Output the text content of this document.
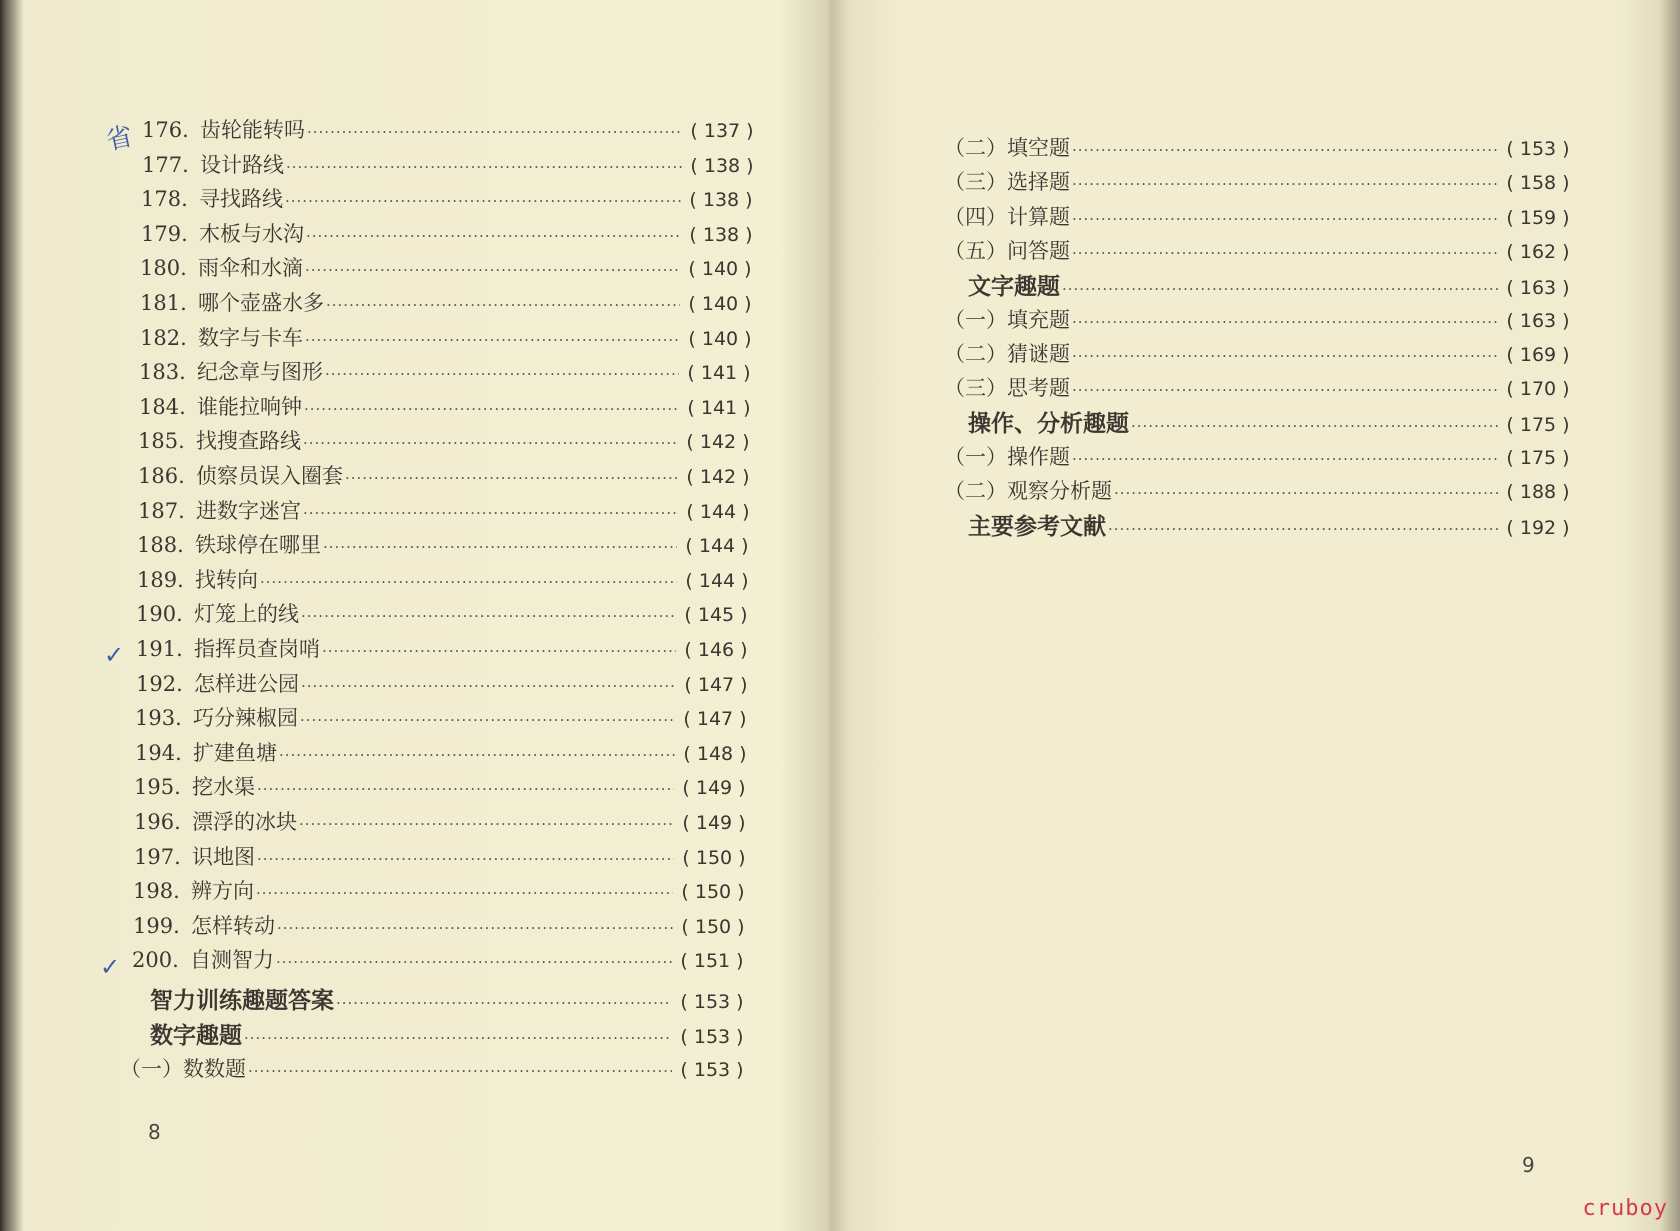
176. 齿轮能转吗 ·····	( 137 )
177. 设计路线 ·····	( 138 )
178. 寻找路线 ·····	( 138 )
179. 木板与水沟 ·····	( 138 )
180. 雨伞和水滴 ·····	( 140 )
181. 哪个壶盛水多 ·····	( 140 )
182. 数字与卡车 ·····	( 140 )
183. 纪念章与图形 ·····	( 141 )
184. 谁能拉响钟 ·····	( 141 )
185. 找搜查路线 ·····	( 142 )
186. 侦察员误入圈套 ·····	( 142 )
187. 进数字迷宫 ·····	( 144 )
188. 铁球停在哪里 ·····	( 144 )
189. 找转向 ·····	( 144 )
190. 灯笼上的线 ·····	( 145 )
191. 指挥员查岗哨 ·····	( 146 )
192. 怎样进公园 ·····	( 147 )
193. 巧分辣椒园 ·····	( 147 )
194. 扩建鱼塘 ·····	( 148 )
195. 挖水渠 ·····	( 149 )
196. 漂浮的冰块 ·····	( 149 )
197. 识地图 ·····	( 150 )
198. 辨方向 ·····	( 150 )
199. 怎样转动 ·····	( 150 )
200. 自测智力 ·····	( 151 )
智力训练趣题答案 ·····	( 153 )
数字趣题 ·····	( 153 )
（一）数数题 ·····	( 153 )
8
（二）填空题 ·····	( 153 )
（三）选择题 ·····	( 158 )
（四）计算题 ·····	( 159 )
（五）问答题 ·····	( 162 )
文字趣题 ·····	( 163 )
（一）填充题 ·····	( 163 )
（二）猜谜题 ·····	( 169 )
（三）思考题 ·····	( 170 )
操作、分析趣题 ·····	( 175 )
（一）操作题 ·····	( 175 )
（二）观察分析题 ·····	( 188 )
主要参考文献 ·····	( 192 )
9
省
✓
✓
cruboy
